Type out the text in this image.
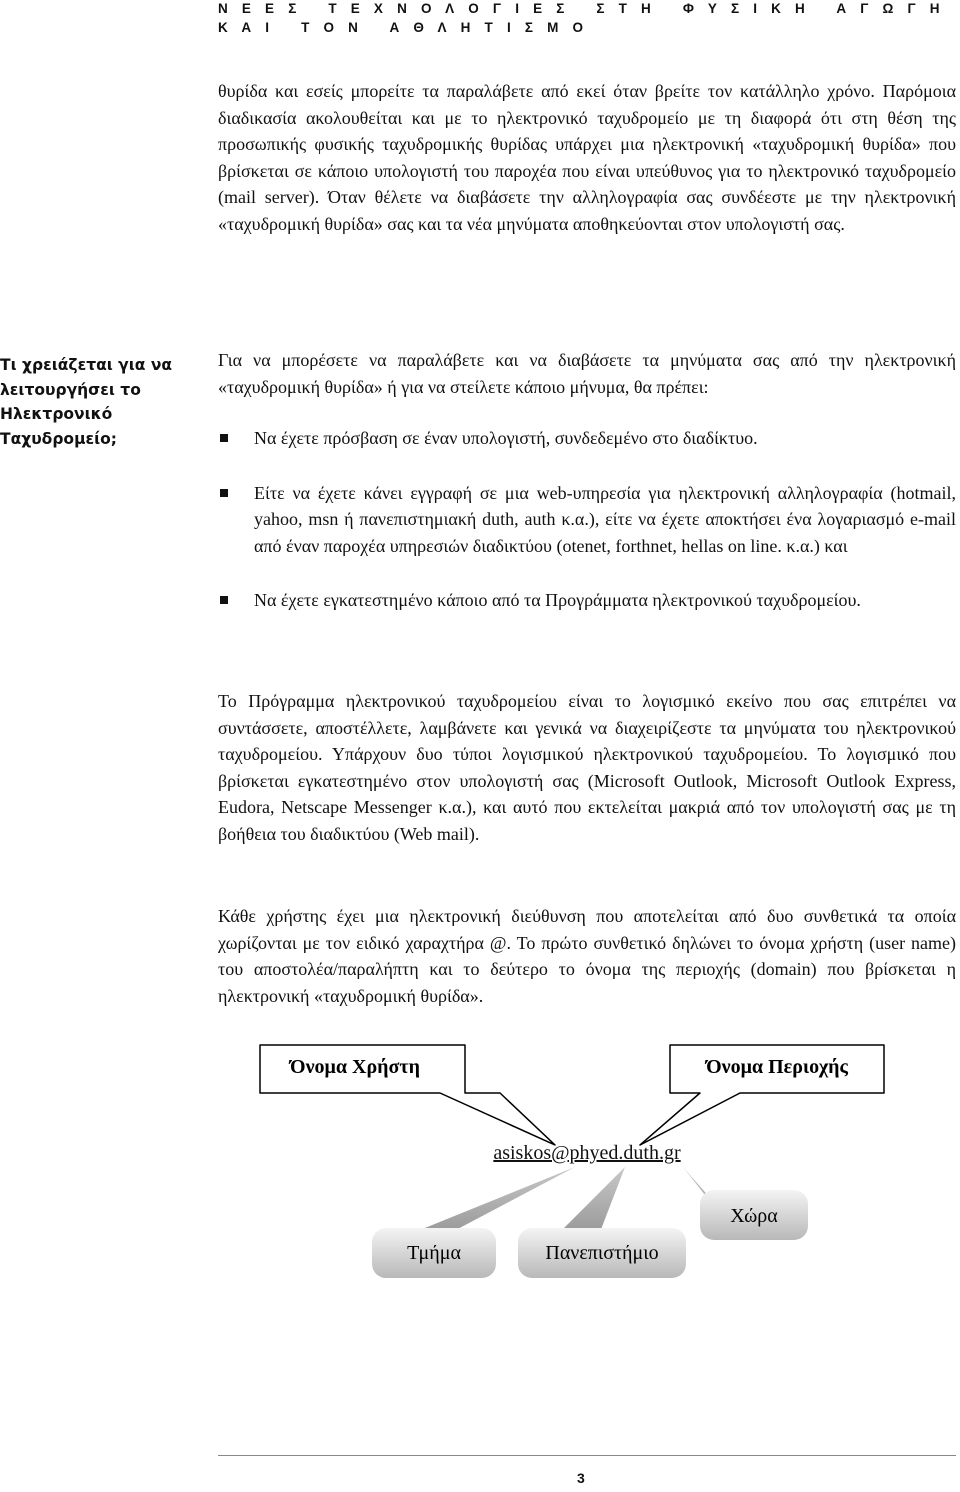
Ν Ε Ε Σ   Τ Ε Χ Ν Ο Λ Ο Γ Ι Ε Σ   Σ Τ Η   Φ Υ Σ Ι Κ Η   Α Γ Ω Γ Η
Κ Α Ι   Τ Ο Ν   Α Θ Λ Η Τ Ι Σ Μ Ο

θυρίδα και εσείς μπορείτε τα παραλάβετε από εκεί όταν βρείτε τον κατάλληλο χρόνο. Παρόμοια διαδικασία ακολουθείται και με το ηλεκτρονικό ταχυδρομείο με τη διαφορά ότι στη θέση της προσωπικής φυσικής ταχυδρομικής θυρίδας υπάρχει μια ηλεκτρονική «ταχυδρομική θυρίδα» που βρίσκεται σε κάποιο υπολογιστή του παροχέα που είναι υπεύθυνος για το ηλεκτρονικό ταχυδρομείο (mail server). Όταν θέλετε να διαβάσετε την αλληλογραφία σας συνδέεστε με την ηλεκτρονική «ταχυδρομική θυρίδα» σας και τα νέα μηνύματα αποθηκεύονται στον υπολογιστή σας.

Τι χρειάζεται για να λειτουργήσει το Ηλεκτρονικό Ταχυδρομείο;

Για να μπορέσετε να παραλάβετε και να διαβάσετε τα μηνύματα σας από την ηλεκτρονική «ταχυδρομική θυρίδα» ή για να στείλετε κάποιο μήνυμα, θα πρέπει:

Να έχετε πρόσβαση σε έναν υπολογιστή, συνδεδεμένο στο διαδίκτυο.
Είτε να έχετε κάνει εγγραφή σε μια web-υπηρεσία για ηλεκτρονική αλληλογραφία (hotmail, yahoo, msn ή πανεπιστημιακή duth, auth κ.α.), είτε να έχετε αποκτήσει ένα λογαριασμό e-mail από έναν παροχέα υπηρεσιών διαδικτύου (otenet, forthnet, hellas on line. κ.α.) και
Να έχετε εγκατεστημένο κάποιο από τα Προγράμματα ηλεκτρονικού ταχυδρομείου.

Το Πρόγραμμα ηλεκτρονικού ταχυδρομείου είναι το λογισμικό εκείνο που σας επιτρέπει να συντάσσετε, αποστέλλετε, λαμβάνετε και γενικά να διαχειρίζεστε τα μηνύματα του ηλεκτρονικού ταχυδρομείου. Υπάρχουν δυο τύποι λογισμικού ηλεκτρονικού ταχυδρομείου. Το λογισμικό που βρίσκεται εγκατεστημένο στον υπολογιστή σας (Microsoft Outlook, Microsoft Outlook Express, Eudora, Netscape Messenger κ.α.), και αυτό που εκτελείται μακριά από τον υπολογιστή σας με τη βοήθεια του διαδικτύου (Web mail).

Κάθε χρήστης έχει μια ηλεκτρονική διεύθυνση που αποτελείται από δυο συνθετικά τα οποία χωρίζονται με τον ειδικό χαραχτήρα @. Το πρώτο συνθετικό δηλώνει το όνομα χρήστη (user name) του αποστολέα/παραλήπτη και το δεύτερο το όνομα της περιοχής (domain) που βρίσκεται η ηλεκτρονική «ταχυδρομική θυρίδα».

Όνομα Χρήστη	Όνομα Περιοχής
asiskos@phyed.duth.gr
Τμήμα	Πανεπιστήμιο
Χώρα
3
